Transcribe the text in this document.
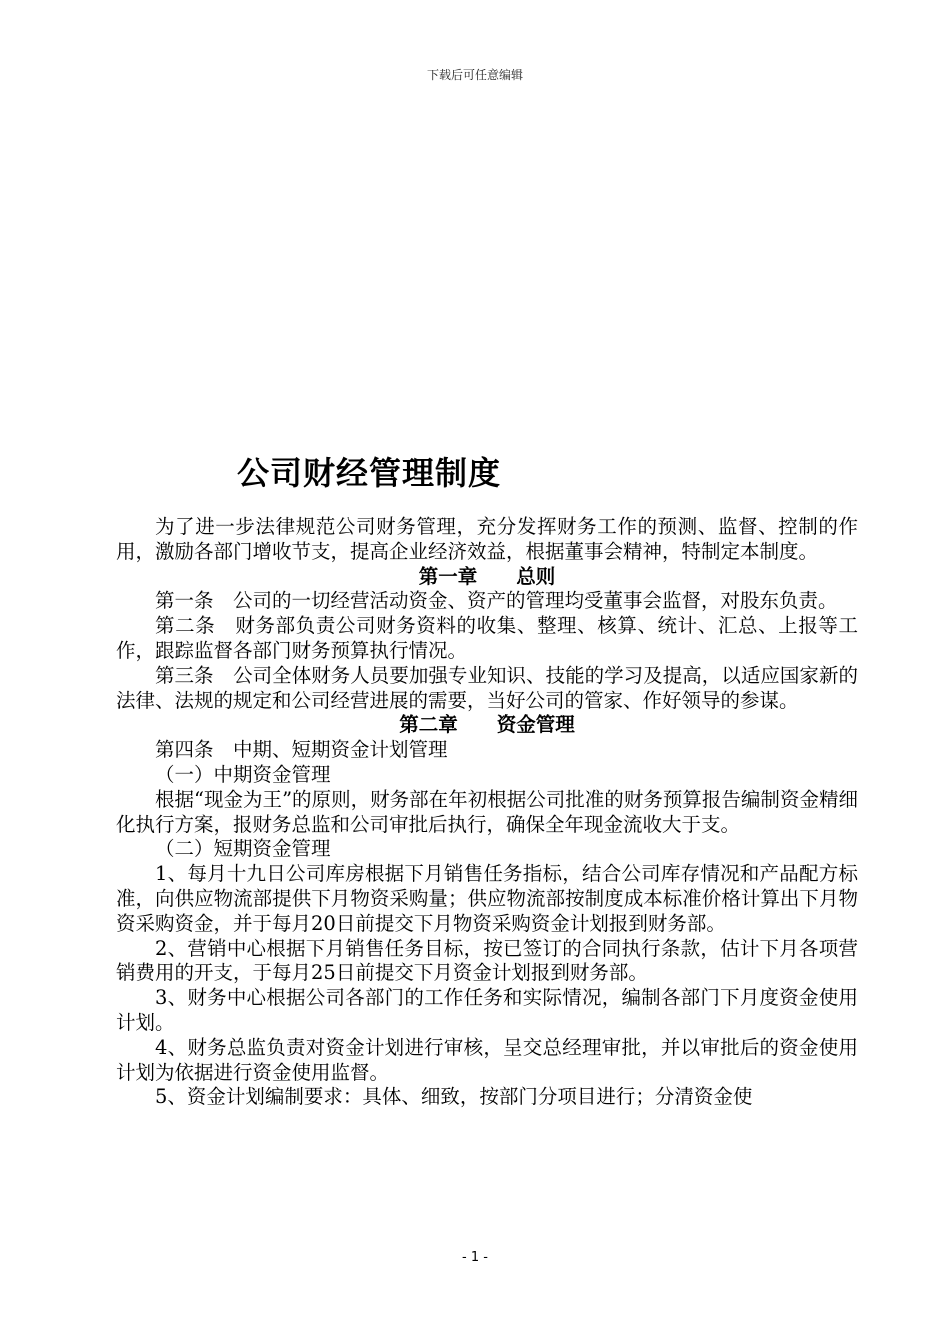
下载后可任意编辑
公司财经管理制度

为了进一步法律规范公司财务管理，充分发挥财务工作的预测、监督、控制的作用，激励各部门增收节支，提高企业经济效益，根据董事会精神，特制定本制度。

第一章　　总则

第一条　公司的一切经营活动资金、资产的管理均受董事会监督，对股东负责。

第二条　财务部负责公司财务资料的收集、整理、核算、统计、汇总、上报等工作，跟踪监督各部门财务预算执行情况。

第三条　公司全体财务人员要加强专业知识、技能的学习及提高，以适应国家新的法律、法规的规定和公司经营进展的需要，当好公司的管家、作好领导的参谋。

第二章　　资金管理

第四条　中期、短期资金计划管理

（一）中期资金管理

根据“现金为王”的原则，财务部在年初根据公司批准的财务预算报告编制资金精细化执行方案，报财务总监和公司审批后执行，确保全年现金流收大于支。

（二）短期资金管理

1、每月十九日公司库房根据下月销售任务指标，结合公司库存情况和产品配方标准，向供应物流部提供下月物资采购量；供应物流部按制度成本标准价格计算出下月物资采购资金，并于每月20日前提交下月物资采购资金计划报到财务部。

2、营销中心根据下月销售任务目标，按已签订的合同执行条款，估计下月各项营销费用的开支，于每月25日前提交下月资金计划报到财务部。

3、财务中心根据公司各部门的工作任务和实际情况，编制各部门下月度资金使用计划。

4、财务总监负责对资金计划进行审核，呈交总经理审批，并以审批后的资金使用计划为依据进行资金使用监督。

5、资金计划编制要求：具体、细致，按部门分项目进行；分清资金使

- 1 -
